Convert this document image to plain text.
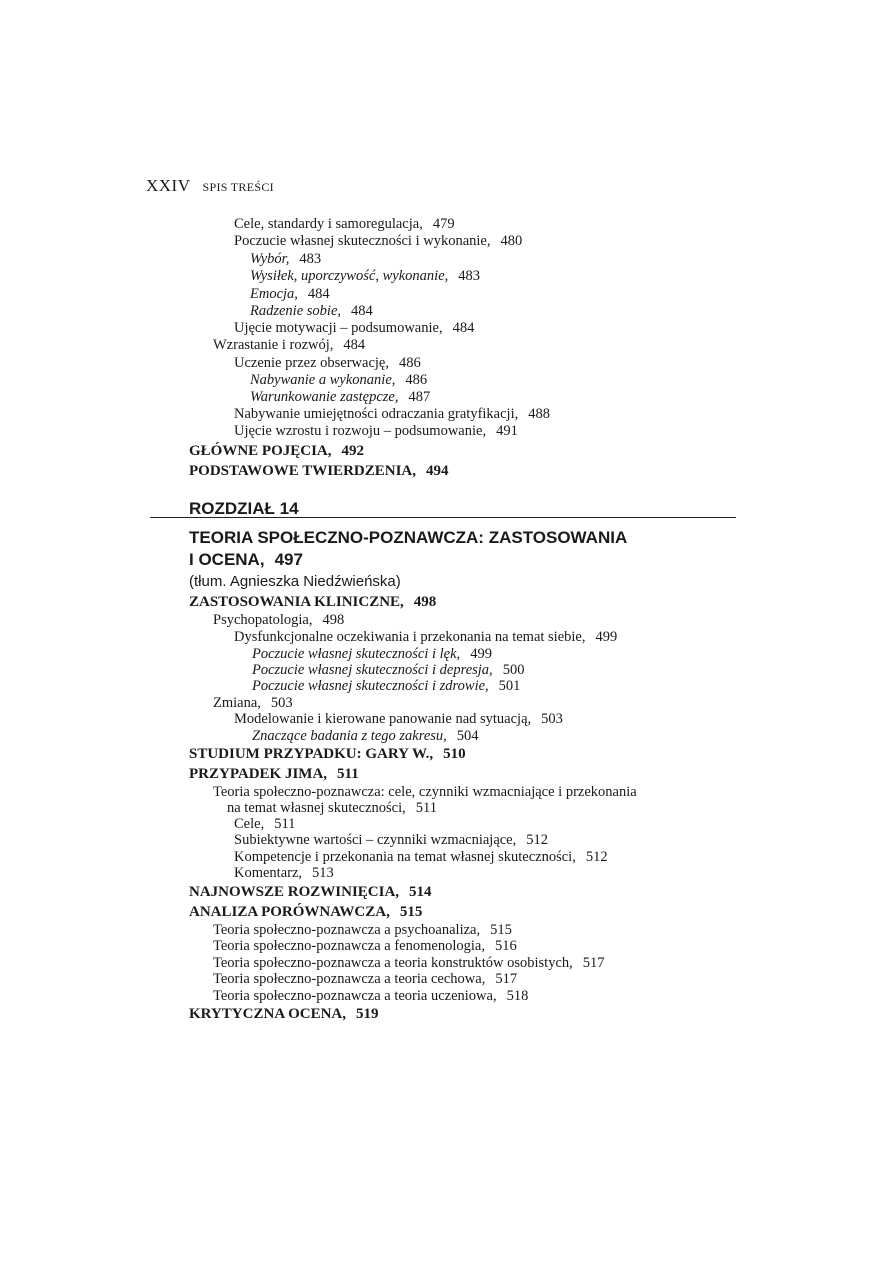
XXIV SPIS TREŚCI
Cele, standardy i samoregulacja, 479
Poczucie własnej skuteczności i wykonanie, 480
Wybór, 483
Wysiłek, uporczywość, wykonanie, 483
Emocja, 484
Radzenie sobie, 484
Ujęcie motywacji – podsumowanie, 484
Wzrastanie i rozwój, 484
Uczenie przez obserwację, 486
Nabywanie a wykonanie, 486
Warunkowanie zastępcze, 487
Nabywanie umiejętności odraczania gratyfikacji, 488
Ujęcie wzrostu i rozwoju – podsumowanie, 491
GŁÓWNE POJĘCIA, 492
PODSTAWOWE TWIERDZENIA, 494
ROZDZIAŁ 14
TEORIA SPOŁECZNO-POZNAWCZA: ZASTOSOWANIA
I OCENA, 497
(tłum. Agnieszka Niedźwieńska)
ZASTOSOWANIA KLINICZNE, 498
Psychopatologia, 498
Dysfunkcjonalne oczekiwania i przekonania na temat siebie, 499
Poczucie własnej skuteczności i lęk, 499
Poczucie własnej skuteczności i depresja, 500
Poczucie własnej skuteczności i zdrowie, 501
Zmiana, 503
Modelowanie i kierowane panowanie nad sytuacją, 503
Znaczące badania z tego zakresu, 504
STUDIUM PRZYPADKU: GARY W., 510
PRZYPADEK JIMA, 511
Teoria społeczno-poznawcza: cele, czynniki wzmacniające i przekonania
na temat własnej skuteczności, 511
Cele, 511
Subiektywne wartości – czynniki wzmacniające, 512
Kompetencje i przekonania na temat własnej skuteczności, 512
Komentarz, 513
NAJNOWSZE ROZWINIĘCIA, 514
ANALIZA PORÓWNAWCZA, 515
Teoria społeczno-poznawcza a psychoanaliza, 515
Teoria społeczno-poznawcza a fenomenologia, 516
Teoria społeczno-poznawcza a teoria konstruktów osobistych, 517
Teoria społeczno-poznawcza a teoria cechowa, 517
Teoria społeczno-poznawcza a teoria uczeniowa, 518
KRYTYCZNA OCENA, 519
